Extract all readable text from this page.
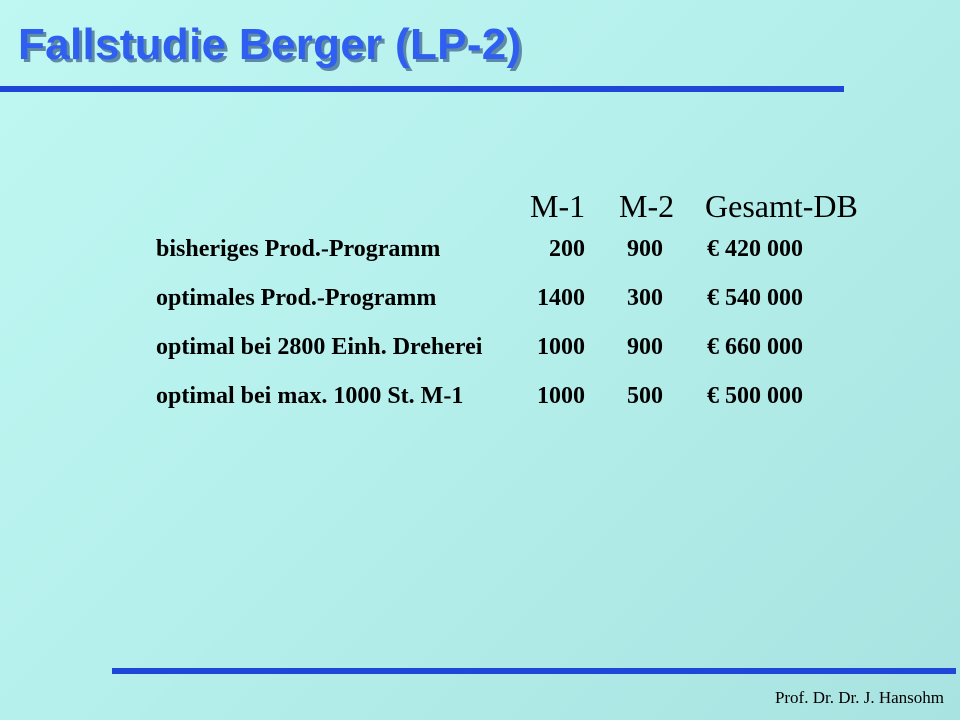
Fallstudie Berger (LP-2)
M-1 M-2 Gesamt-DB
bisheriges Prod.-Programm	200 900 € 420 000
optimales Prod.-Programm	1400 300 € 540 000
optimal bei 2800 Einh. Dreherei 1000 900 € 660 000
optimal bei max. 1000 St. M-1	1000 500 € 500 000
Prof. Dr. Dr. J. Hansohm
